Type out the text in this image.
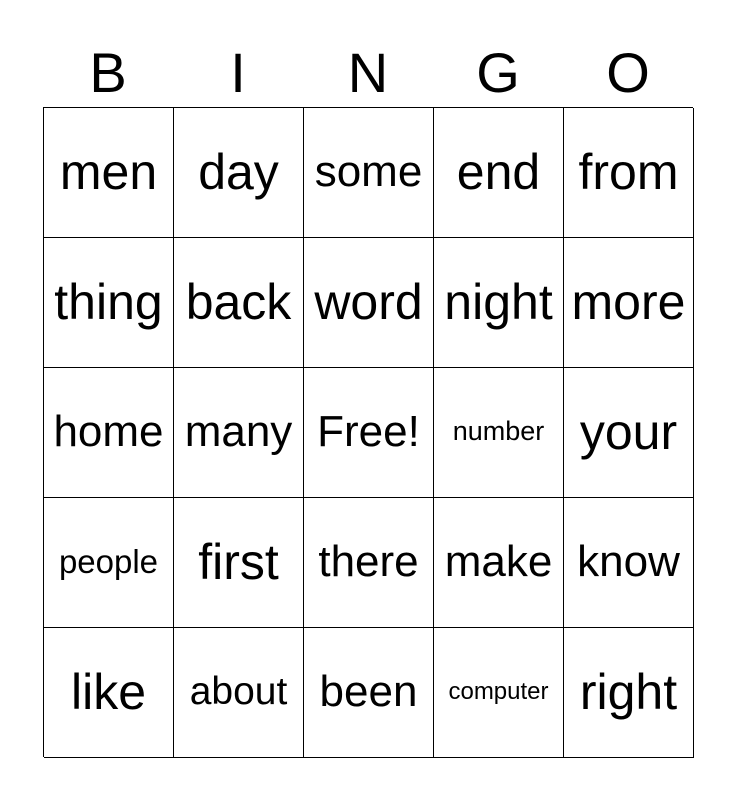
B	I	N	G	O
men day some end from
thing back word night more
home many Free!	number your
people first there make know
like	about been	computer right
